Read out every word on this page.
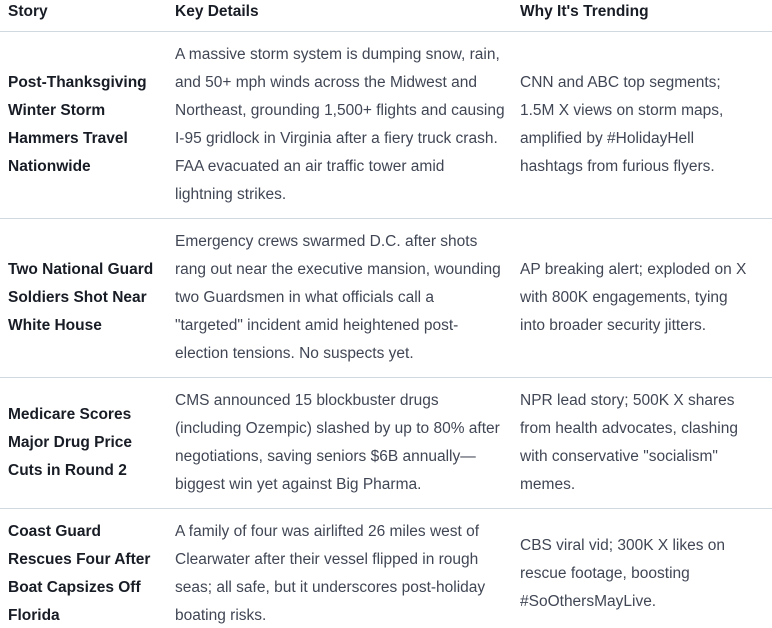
Story	Key Details	Why It's Trending
Post-Thanksgiving Winter Storm Hammers Travel Nationwide	A massive storm system is dumping snow, rain, and 50+ mph winds across the Midwest and Northeast, grounding 1,500+ flights and causing I-95 gridlock in Virginia after a fiery truck crash. FAA evacuated an air traffic tower amid lightning strikes.	CNN and ABC top segments; 1.5M X views on storm maps, amplified by #HolidayHell hashtags from furious flyers.
Two National Guard Soldiers Shot Near White House	Emergency crews swarmed D.C. after shots rang out near the executive mansion, wounding two Guardsmen in what officials call a "targeted" incident amid heightened post-election tensions. No suspects yet.	AP breaking alert; exploded on X with 800K engagements, tying into broader security jitters.
Medicare Scores Major Drug Price Cuts in Round 2	CMS announced 15 blockbuster drugs (including Ozempic) slashed by up to 80% after negotiations, saving seniors $6B annually—biggest win yet against Big Pharma.	NPR lead story; 500K X shares from health advocates, clashing with conservative "socialism" memes.
Coast Guard Rescues Four After Boat Capsizes Off Florida	A family of four was airlifted 26 miles west of Clearwater after their vessel flipped in rough seas; all safe, but it underscores post-holiday boating risks.	CBS viral vid; 300K X likes on rescue footage, boosting #SoOthersMayLive.
